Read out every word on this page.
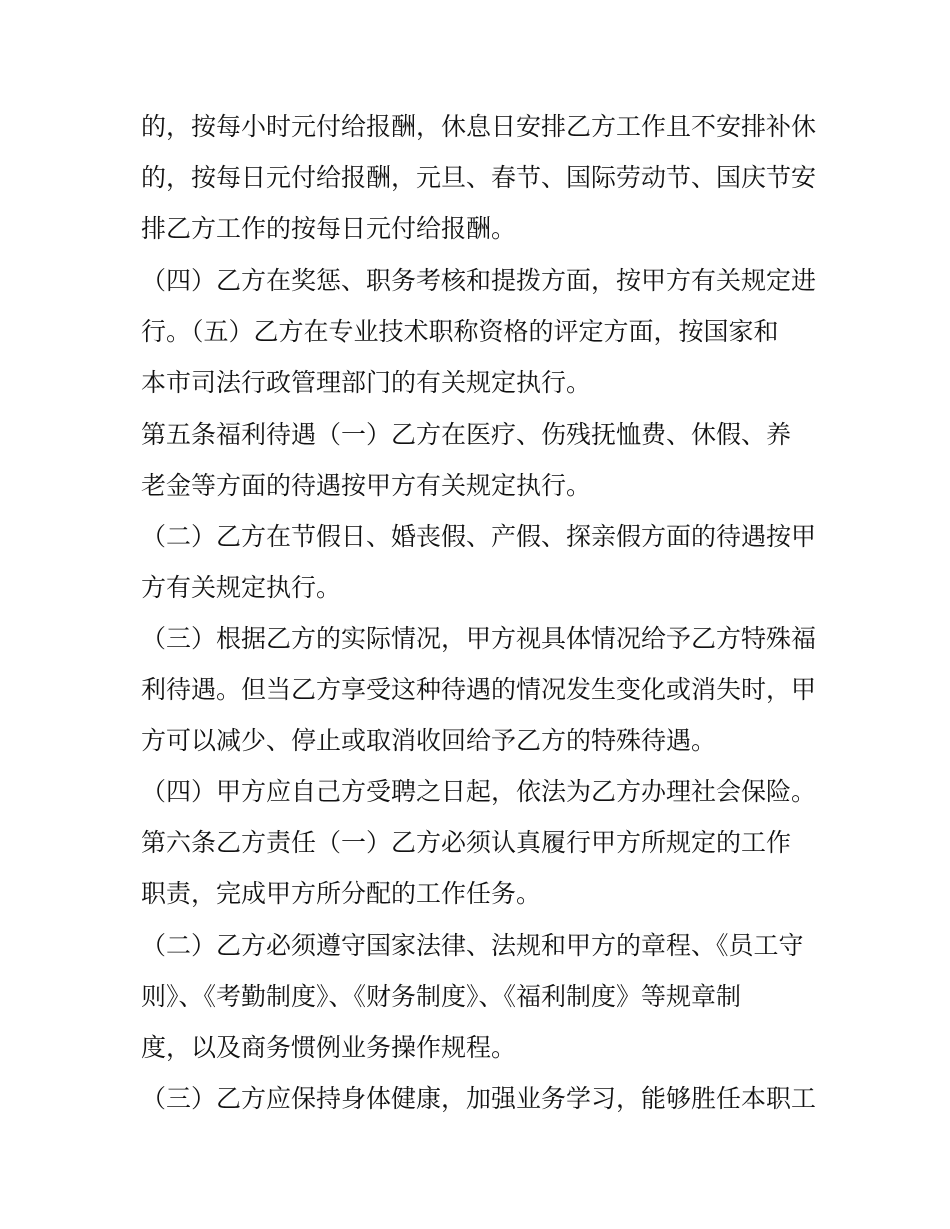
的，按每小时元付给报酬，休息日安排乙方工作且不安排补休
的，按每日元付给报酬，元旦、春节、国际劳动节、国庆节安
排乙方工作的按每日元付给报酬。
（四）乙方在奖惩、职务考核和提拨方面，按甲方有关规定进
行。（五）乙方在专业技术职称资格的评定方面，按国家和
本市司法行政管理部门的有关规定执行。
第五条福利待遇（一）乙方在医疗、伤残抚恤费、休假、养
老金等方面的待遇按甲方有关规定执行。
（二）乙方在节假日、婚丧假、产假、探亲假方面的待遇按甲
方有关规定执行。
（三）根据乙方的实际情况，甲方视具体情况给予乙方特殊福
利待遇。但当乙方享受这种待遇的情况发生变化或消失时，甲
方可以减少、停止或取消收回给予乙方的特殊待遇。
（四）甲方应自己方受聘之日起，依法为乙方办理社会保险。
第六条乙方责任（一）乙方必须认真履行甲方所规定的工作
职责，完成甲方所分配的工作任务。
（二）乙方必须遵守国家法律、法规和甲方的章程、《员工守
则》、《考勤制度》、《财务制度》、《福利制度》等规章制
度，以及商务惯例业务操作规程。
（三）乙方应保持身体健康，加强业务学习，能够胜任本职工
